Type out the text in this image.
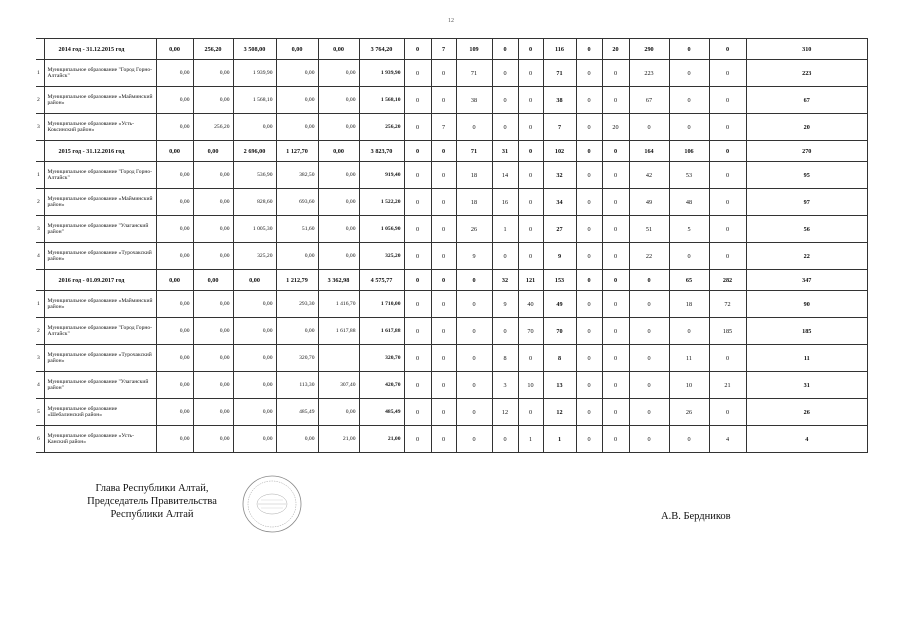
12
	2014 год - 31.12.2015 год	0,00	256,20	3 508,00	0,00	0,00	3 764,20	0	7	109	0	0	116	0	20	290	0	0	310
1	Муниципальное образование "Город Горно-Алтайск"	0,00	0,00	1 939,90	0,00	0,00	1 939,90	0	0	71	0	0	71	0	0	223	0	0	223
2	Муниципальное образование «Майминский район»	0,00	0,00	1 568,10	0,00	0,00	1 568,10	0	0	38	0	0	38	0	0	67	0	0	67
3	Муниципальное образование «Усть-Коксинский район»	0,00	256,20	0,00	0,00	0,00	256,20	0	7	0	0	0	7	0	20	0	0	0	20
	2015 год - 31.12.2016 год	0,00	0,00	2 696,00	1 127,70	0,00	3 823,70	0	0	71	31	0	102	0	0	164	106	0	270
1	Муниципальное образование "Город Горно-Алтайск"	0,00	0,00	536,90	382,50	0,00	919,40	0	0	18	14	0	32	0	0	42	53	0	95
2	Муниципальное образование «Майминский район»	0,00	0,00	828,60	693,60	0,00	1 522,20	0	0	18	16	0	34	0	0	49	48	0	97
3	Муниципальное образование "Улаганский район"	0,00	0,00	1 005,30	51,60	0,00	1 056,90	0	0	26	1	0	27	0	0	51	5	0	56
4	Муниципальное образование «Турочакский район»	0,00	0,00	325,20	0,00	0,00	325,20	0	0	9	0	0	9	0	0	22	0	0	22
	2016 год - 01.09.2017 год	0,00	0,00	0,00	1 212,79	3 362,98	4 575,77	0	0	0	32	121	153	0	0	0	65	282	347
1	Муниципальное образование «Майминский район»	0,00	0,00	0,00	293,30	1 416,70	1 710,00	0	0	0	9	40	49	0	0	0	18	72	90
2	Муниципальное образование "Город Горно-Алтайск"	0,00	0,00	0,00	0,00	1 617,88	1 617,88	0	0	0	0	70	70	0	0	0	0	185	185
3	Муниципальное образование «Турочакский район»	0,00	0,00	0,00	320,70		320,70	0	0	0	8	0	8	0	0	0	11	0	11
4	Муниципальное образование "Улаганский район"	0,00	0,00	0,00	113,30	307,40	420,70	0	0	0	3	10	13	0	0	0	10	21	31
5	Муниципальное образование «Шебалинский район»	0,00	0,00	0,00	485,49	0,00	485,49	0	0	0	12	0	12	0	0	0	26	0	26
6	Муниципальное образование «Усть-Канский район»	0,00	0,00	0,00	0,00	21,00	21,00	0	0	0	0	1	1	0	0	0	0	4	4
Глава Республики Алтай,
Председатель Правительства
Республики Алтай	А.В. Бердников
